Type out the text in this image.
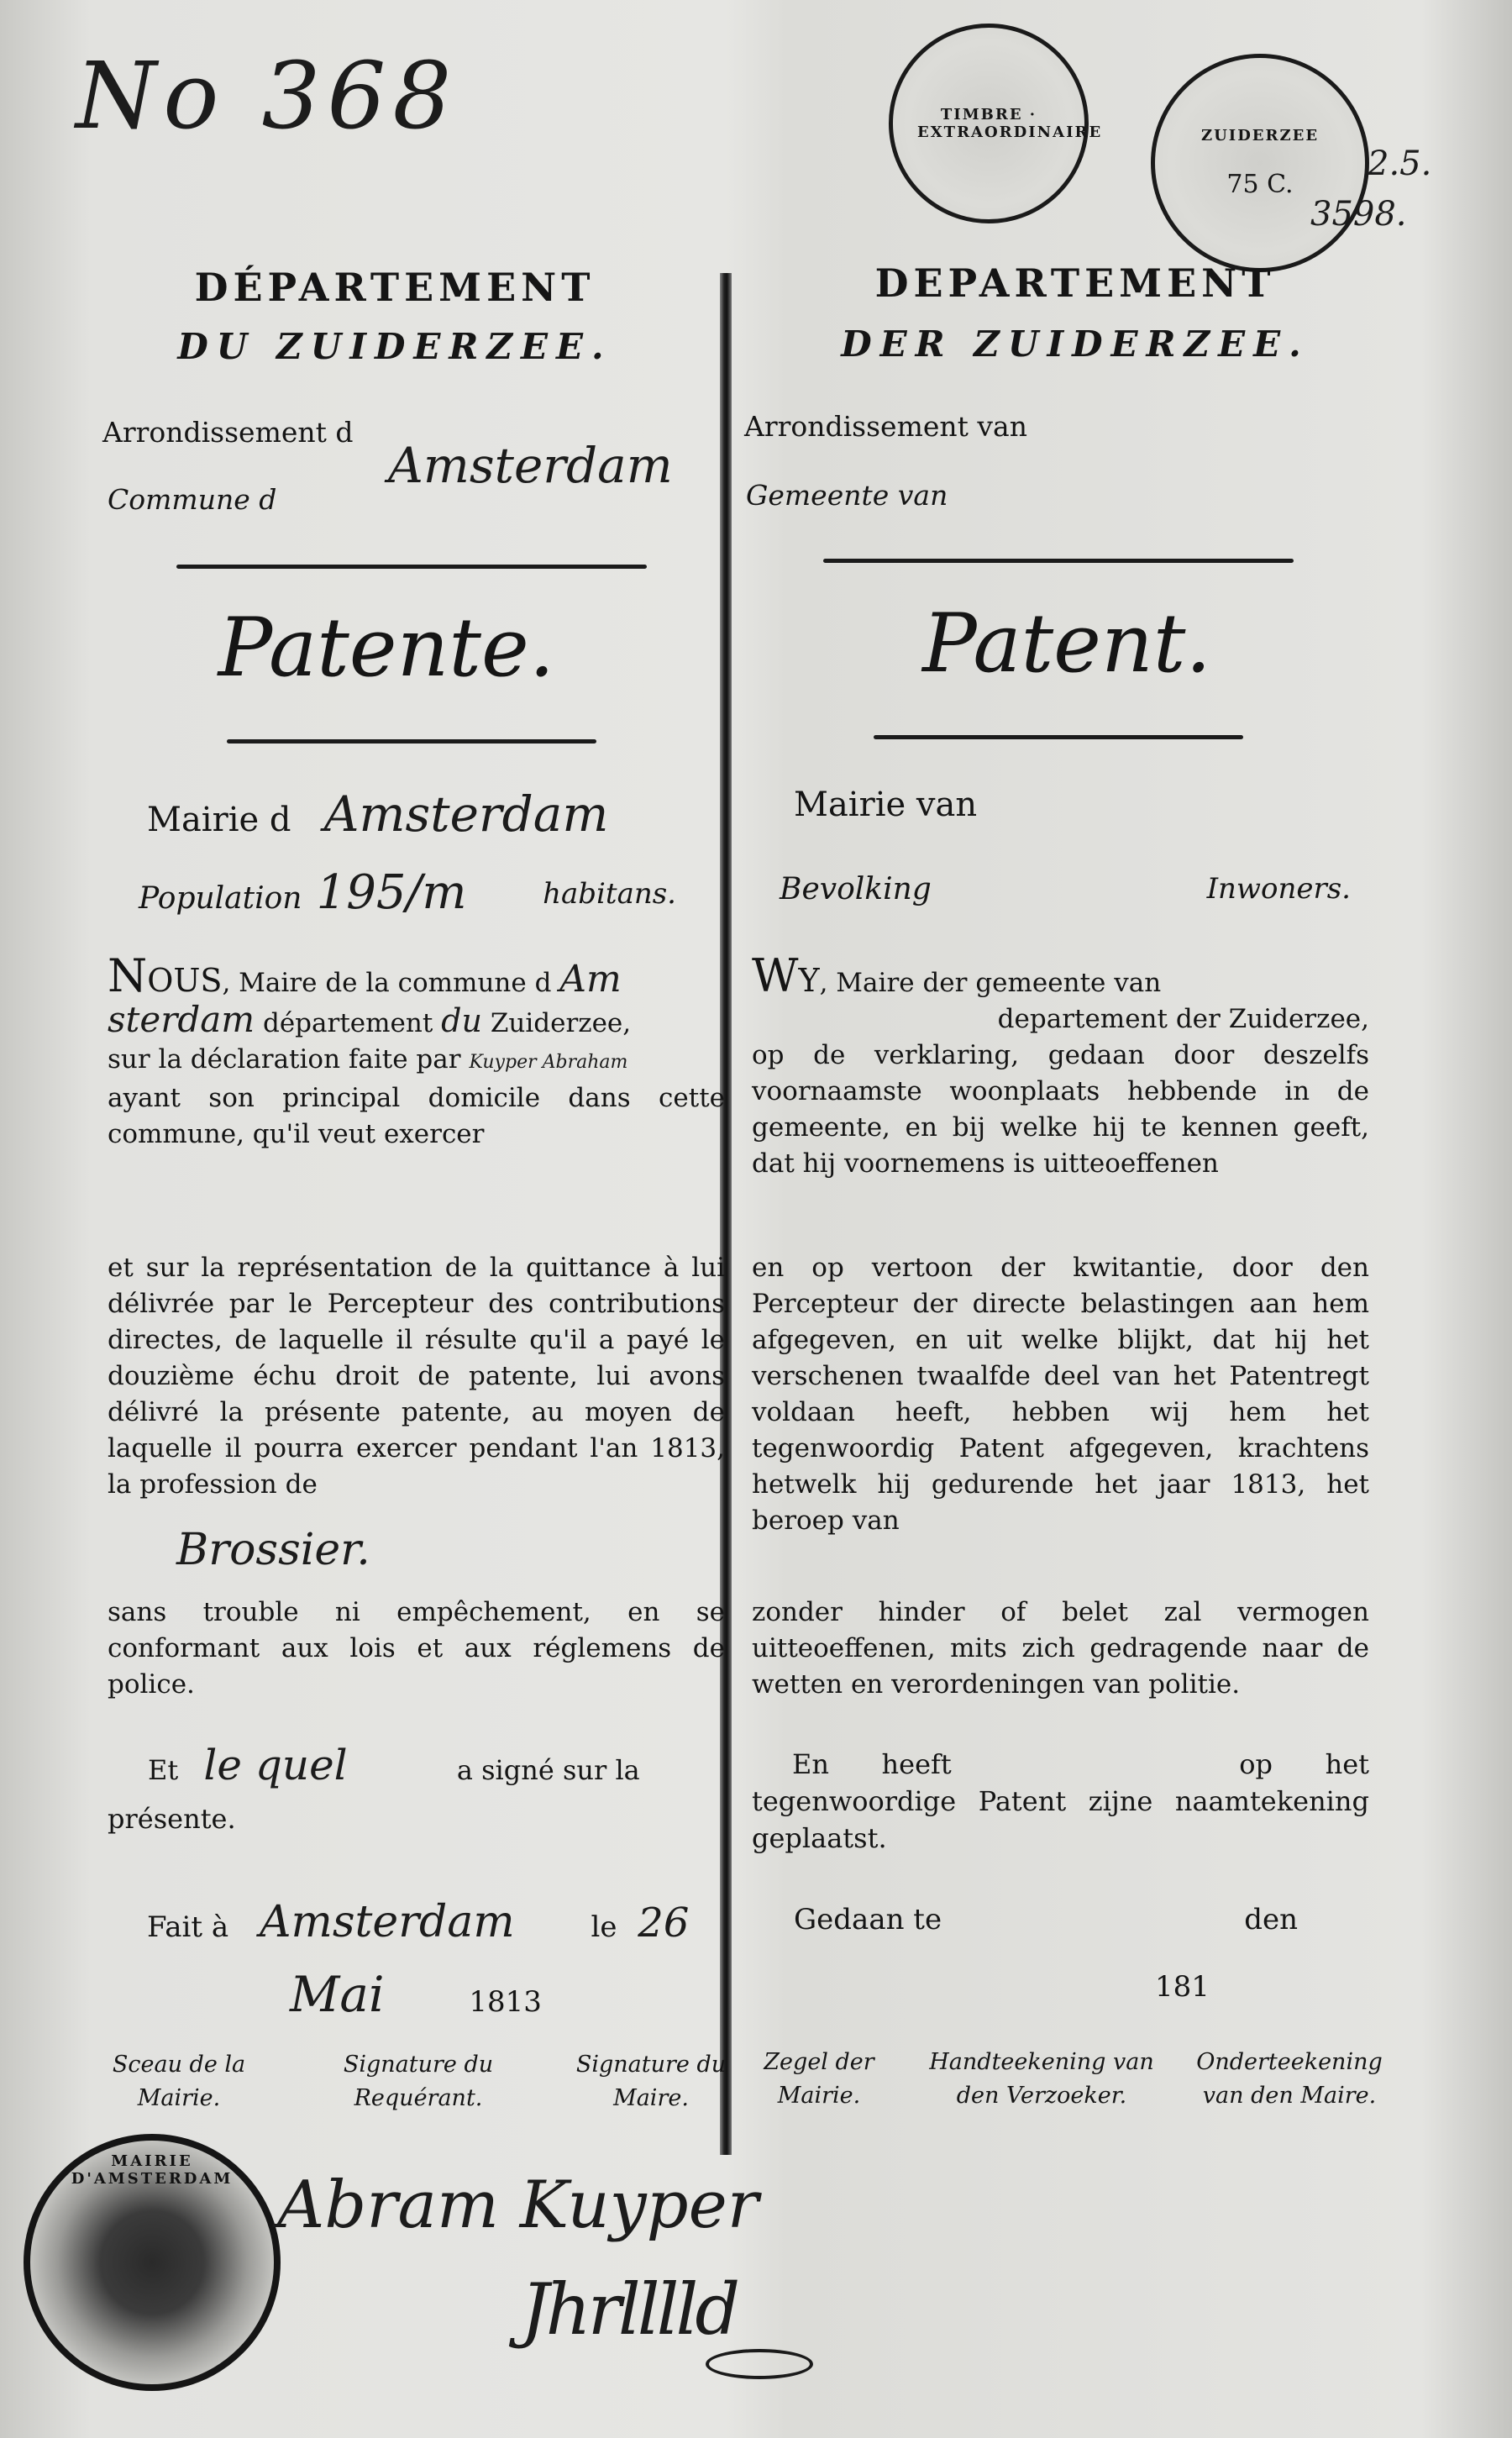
No 368	TIMBRE · EXTRAORDINAIRE	ZUIDERZEE
75 C.
2.5.
3598.
DÉPARTEMENT
DU ZUIDERZEE.
Arrondissement d
Commune d
Amsterdam
Patente.
Mairie d Amsterdam
Population 195/m	habitans.
Nous, Maire de la commune d Am
sterdam département du Zuiderzee,
sur la déclaration faite par Kuyper Abraham
ayant son principal domicile dans cette commune, qu'il veut exercer
et sur la représentation de la quittance à lui délivrée par le Percepteur des contributions directes, de laquelle il résulte qu'il a payé le douzième échu droit de patente, lui avons délivré la présente patente, au moyen de laquelle il pourra exercer pendant l'an 1813, la profession de
Brossier.
sans trouble ni empêchement, en se conformant aux lois et aux réglemens de police.
Et le quel	a signé sur la présente.
Fait à Amsterdam	le 26
Mai	1813
Sceau de la Mairie.
Signature du Requérant.
Signature du Maire.
MAIRIE D'AMSTERDAM Abram Kuyper
Jhrlllld
DEPARTEMENT
DER ZUIDERZEE.
Arrondissement van
Gemeente van
Patent.
Mairie van
Bevolking	Inwoners.
Wy, Maire der gemeente van

departement der Zuiderzee,
op de verklaring, gedaan door deszelfs voornaamste woonplaats hebbende in de gemeente, en bij welke hij te kennen geeft, dat hij voornemens is uitteoeffenen
en op vertoon der kwitantie, door den Percepteur der directe belastingen aan hem afgegeven, en uit welke blijkt, dat hij het verschenen twaalfde deel van het Patentregt voldaan heeft, hebben wij hem het tegenwoordig Patent afgegeven, krachtens hetwelk hij gedurende het jaar 1813, het beroep van
zonder hinder of belet zal vermogen uitteoeffenen, mits zich gedragende naar de wetten en verordeningen van politie.
En heeft	op het tegenwoordige Patent zijne naamtekening geplaatst.
Gedaan te	den
181
Zegel der Mairie.
Handteekening van den Verzoeker.
Onderteekening van den Maire.
